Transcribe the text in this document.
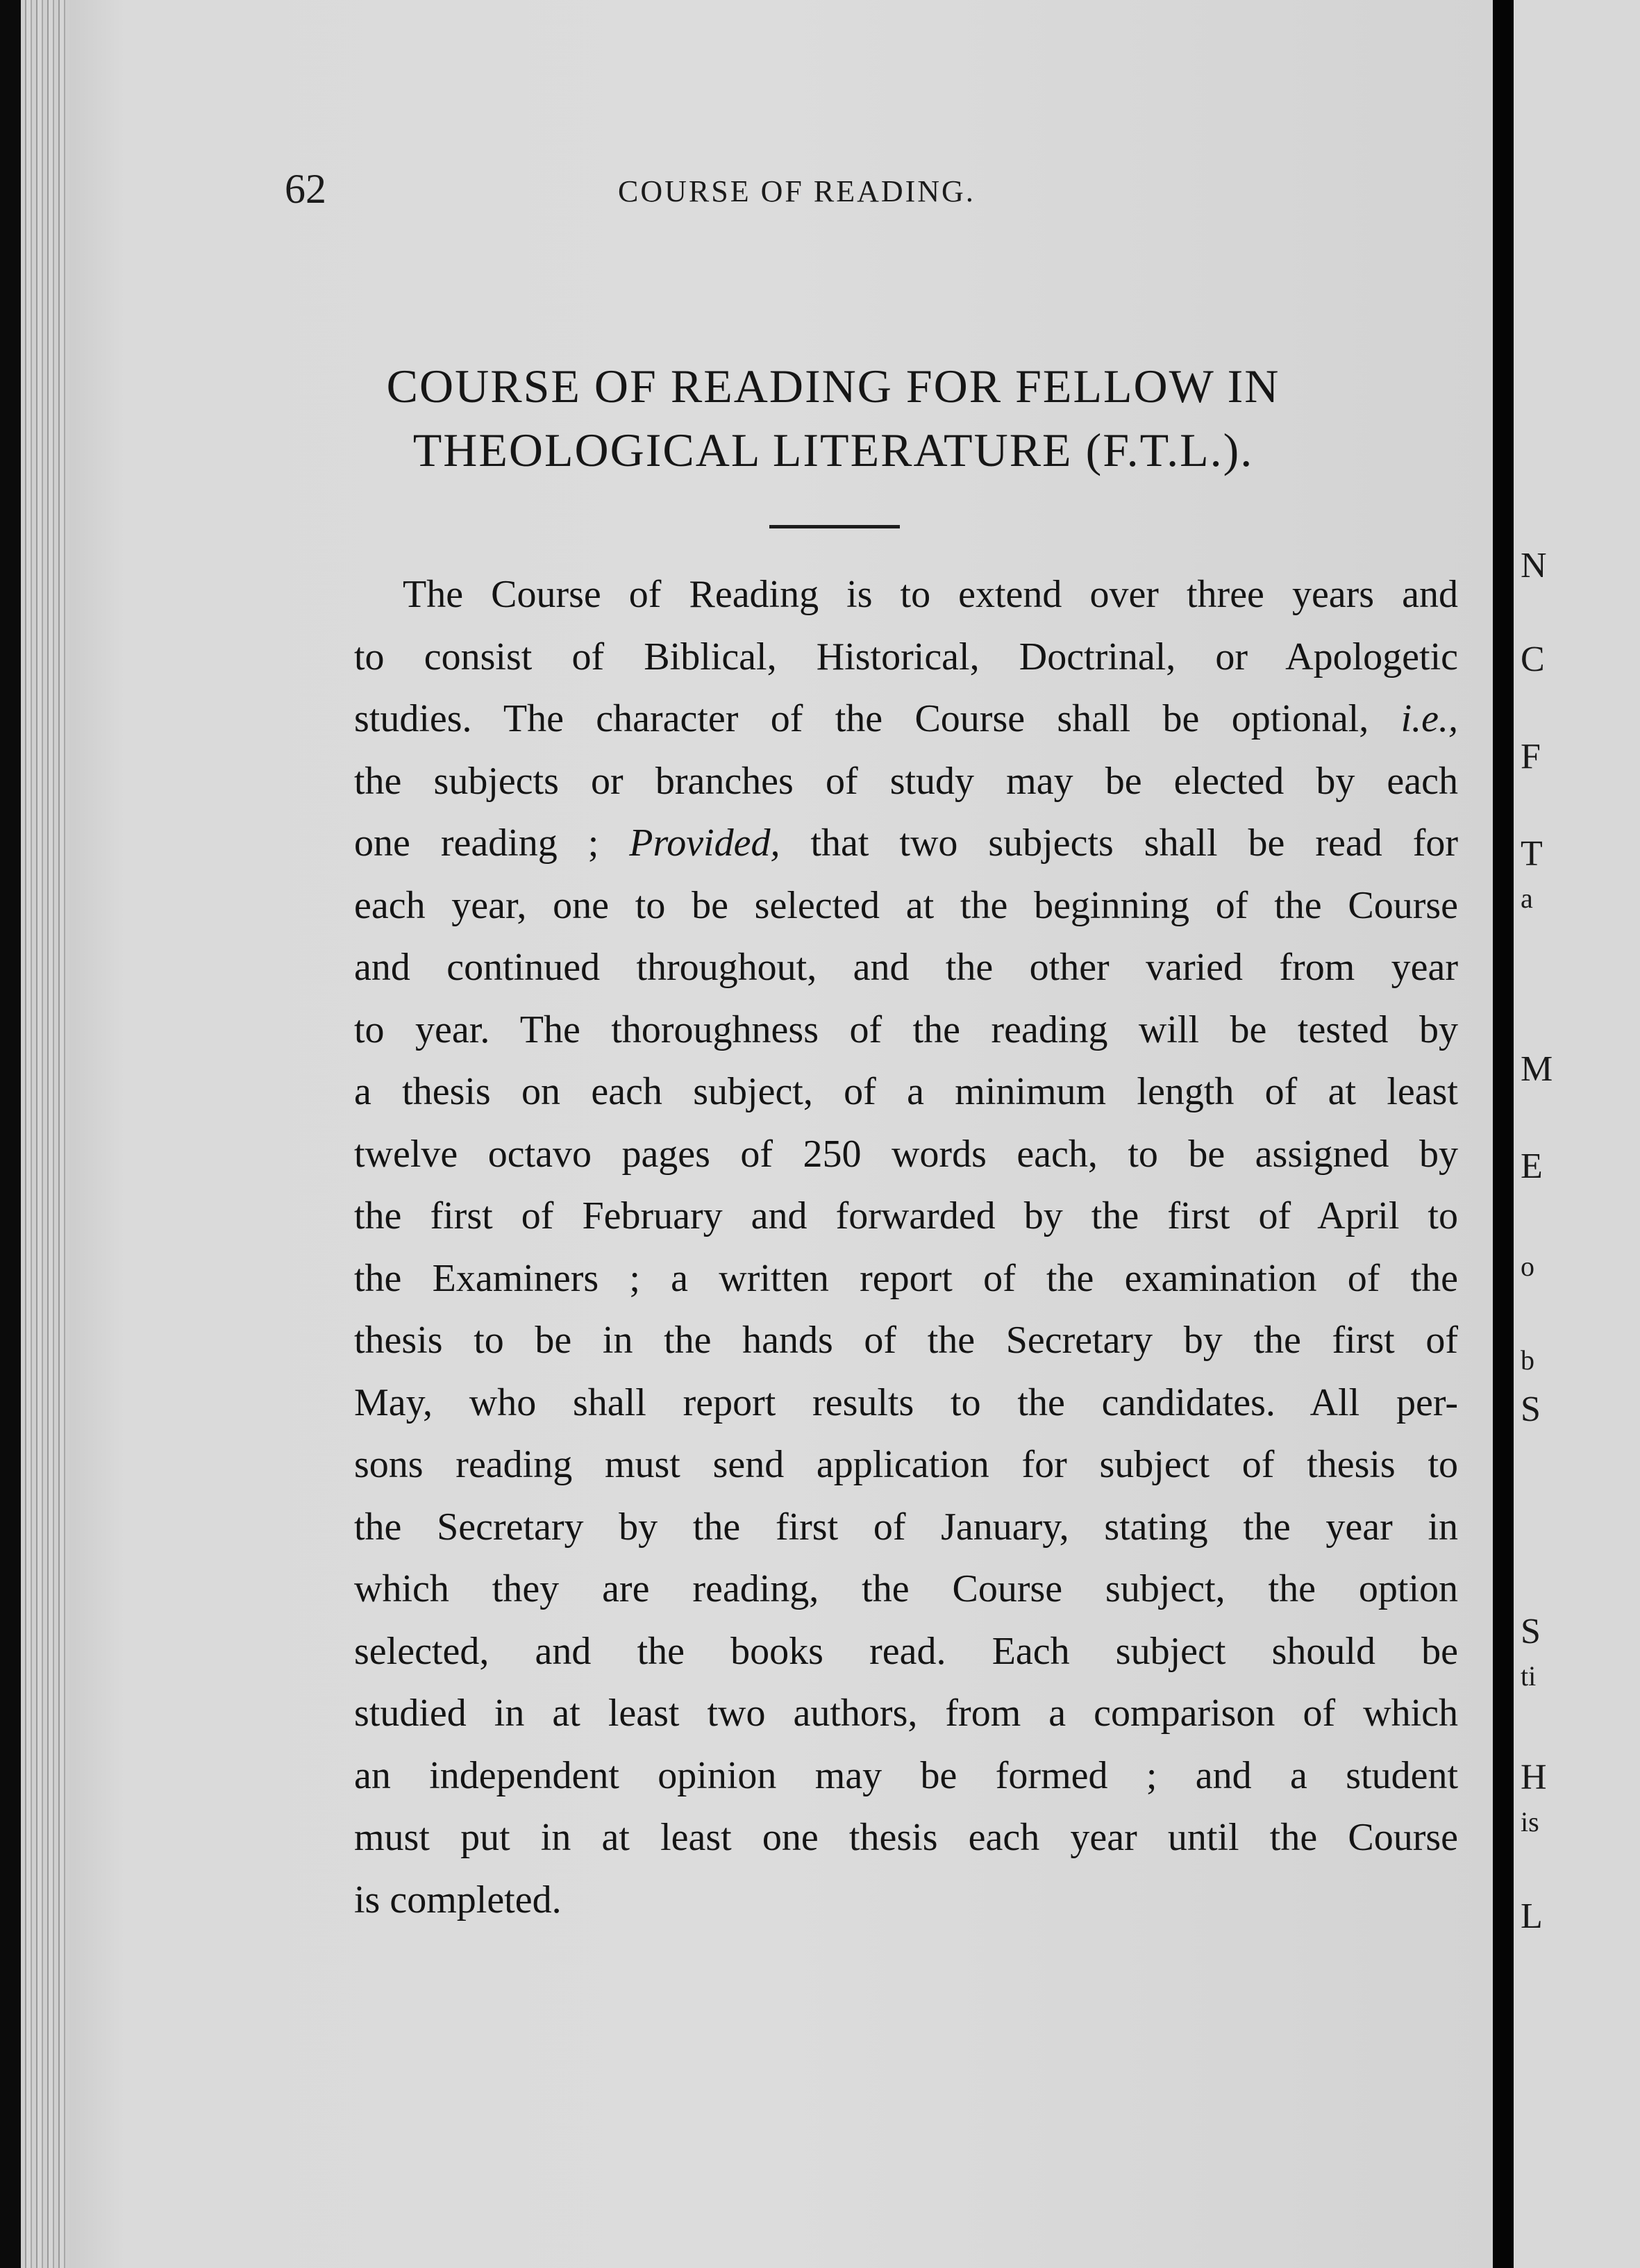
62	COURSE OF READING.
COURSE OF READING FOR FELLOW IN
THEOLOGICAL LITERATURE (F.T.L.).
The Course of Reading is to extend over three years and
to consist of Biblical, Historical, Doctrinal, or Apologetic
studies. The character of the Course shall be optional, i.e.,
the subjects or branches of study may be elected by each
one reading ; Provided, that two subjects shall be read for
each year, one to be selected at the beginning of the Course
and continued throughout, and the other varied from year
to year. The thoroughness of the reading will be tested by
a thesis on each subject, of a minimum length of at least
twelve octavo pages of 250 words each, to be assigned by
the first of February and forwarded by the first of April to
the Examiners ; a written report of the examination of the
thesis to be in the hands of the Secretary by the first of
May, who shall report results to the candidates. All per-
sons reading must send application for subject of thesis to
the Secretary by the first of January, stating the year in
which they are reading, the Course subject, the option
selected, and the books read. Each subject should be
studied in at least two authors, from a comparison of which
an independent opinion may be formed ; and a student
must put in at least one thesis each year until the Course
is completed.
N
C
F
T
a
M
E
o
b
S
S
ti
H
is
L
